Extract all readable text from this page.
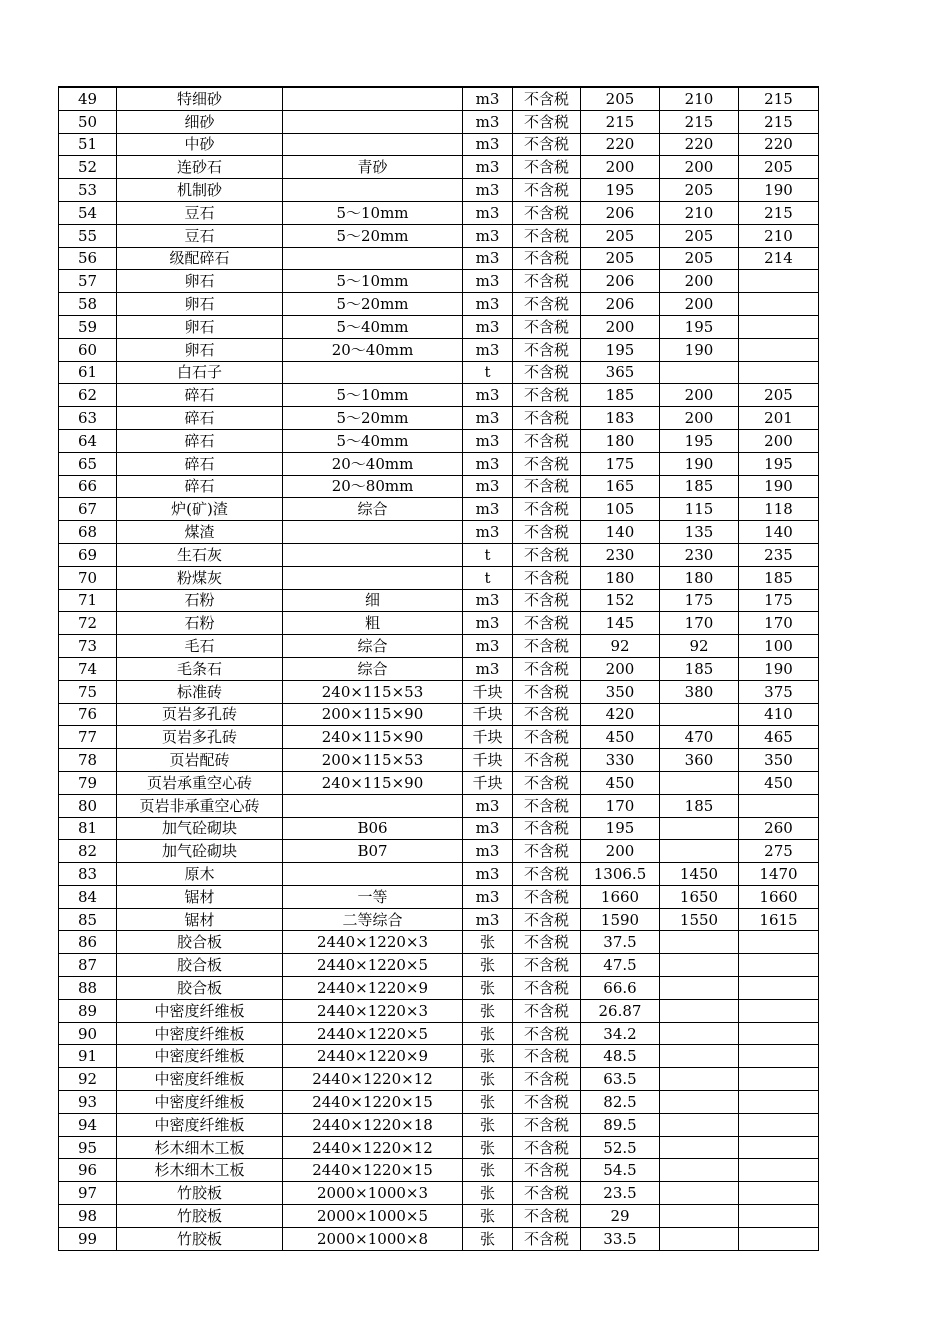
49	特细砂		m3	不含税	205	210	215
50	细砂		m3	不含税	215	215	215
51	中砂		m3	不含税	220	220	220
52	连砂石	青砂	m3	不含税	200	200	205
53	机制砂		m3	不含税	195	205	190
54	豆石	5～10mm	m3	不含税	206	210	215
55	豆石	5～20mm	m3	不含税	205	205	210
56	级配碎石		m3	不含税	205	205	214
57	卵石	5～10mm	m3	不含税	206	200	
58	卵石	5～20mm	m3	不含税	206	200	
59	卵石	5～40mm	m3	不含税	200	195	
60	卵石	20～40mm	m3	不含税	195	190	
61	白石子		t	不含税	365		
62	碎石	5～10mm	m3	不含税	185	200	205
63	碎石	5～20mm	m3	不含税	183	200	201
64	碎石	5～40mm	m3	不含税	180	195	200
65	碎石	20～40mm	m3	不含税	175	190	195
66	碎石	20～80mm	m3	不含税	165	185	190
67	炉(矿)渣	综合	m3	不含税	105	115	118
68	煤渣		m3	不含税	140	135	140
69	生石灰		t	不含税	230	230	235
70	粉煤灰		t	不含税	180	180	185
71	石粉	细	m3	不含税	152	175	175
72	石粉	粗	m3	不含税	145	170	170
73	毛石	综合	m3	不含税	92	92	100
74	毛条石	综合	m3	不含税	200	185	190
75	标准砖	240×115×53	千块	不含税	350	380	375
76	页岩多孔砖	200×115×90	千块	不含税	420		410
77	页岩多孔砖	240×115×90	千块	不含税	450	470	465
78	页岩配砖	200×115×53	千块	不含税	330	360	350
79	页岩承重空心砖	240×115×90	千块	不含税	450		450
80	页岩非承重空心砖		m3	不含税	170	185	
81	加气砼砌块	B06	m3	不含税	195		260
82	加气砼砌块	B07	m3	不含税	200		275
83	原木		m3	不含税	1306.5	1450	1470
84	锯材	一等	m3	不含税	1660	1650	1660
85	锯材	二等综合	m3	不含税	1590	1550	1615
86	胶合板	2440×1220×3	张	不含税	37.5		
87	胶合板	2440×1220×5	张	不含税	47.5		
88	胶合板	2440×1220×9	张	不含税	66.6		
89	中密度纤维板	2440×1220×3	张	不含税	26.87		
90	中密度纤维板	2440×1220×5	张	不含税	34.2		
91	中密度纤维板	2440×1220×9	张	不含税	48.5		
92	中密度纤维板	2440×1220×12	张	不含税	63.5		
93	中密度纤维板	2440×1220×15	张	不含税	82.5		
94	中密度纤维板	2440×1220×18	张	不含税	89.5		
95	杉木细木工板	2440×1220×12	张	不含税	52.5		
96	杉木细木工板	2440×1220×15	张	不含税	54.5		
97	竹胶板	2000×1000×3	张	不含税	23.5		
98	竹胶板	2000×1000×5	张	不含税	29		
99	竹胶板	2000×1000×8	张	不含税	33.5		
